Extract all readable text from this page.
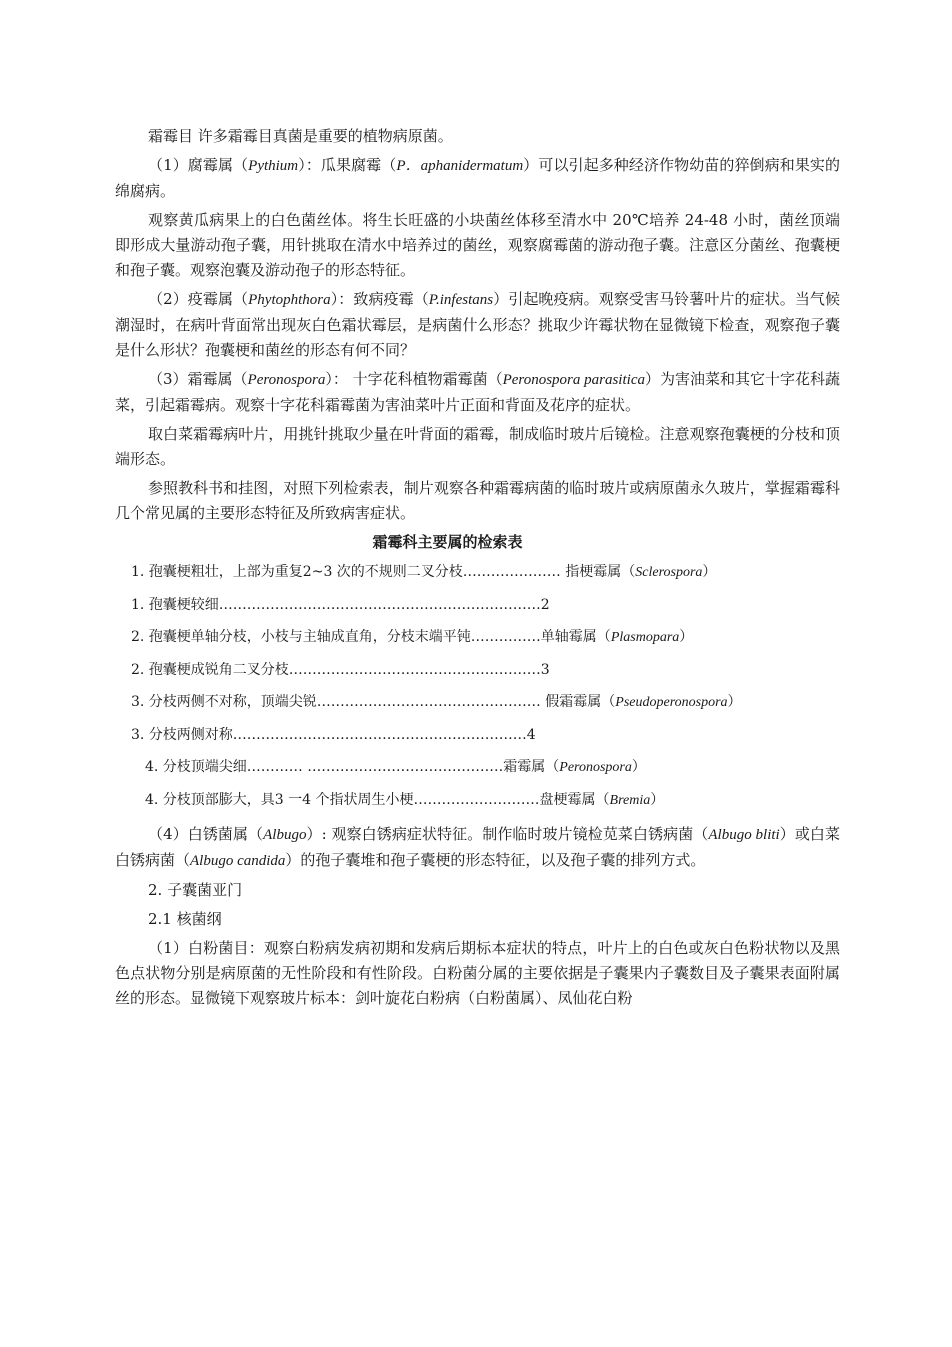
霜霉目 许多霜霉目真菌是重要的植物病原菌。

（1）腐霉属（Pythium）：瓜果腐霉（P．aphanidermatum）可以引起多种经济作物幼苗的猝倒病和果实的绵腐病。

观察黄瓜病果上的白色菌丝体。将生长旺盛的小块菌丝体移至清水中 20℃培养 24-48 小时，菌丝顶端即形成大量游动孢子囊，用针挑取在清水中培养过的菌丝，观察腐霉菌的游动孢子囊。注意区分菌丝、孢囊梗和孢子囊。观察泡囊及游动孢子的形态特征。

（2）疫霉属（Phytophthora）：致病疫霉（P.infestans）引起晚疫病。观察受害马铃薯叶片的症状。当气候潮湿时，在病叶背面常出现灰白色霜状霉层，是病菌什么形态？挑取少许霉状物在显微镜下检查，观察孢子囊是什么形状？孢囊梗和菌丝的形态有何不同？

（3）霜霉属（Peronospora）： 十字花科植物霜霉菌（Peronospora parasitica）为害油菜和其它十字花科蔬菜，引起霜霉病。观察十字花科霜霉菌为害油菜叶片正面和背面及花序的症状。

取白菜霜霉病叶片，用挑针挑取少量在叶背面的霜霉，制成临时玻片后镜检。注意观察孢囊梗的分枝和顶端形态。

参照教科书和挂图，对照下列检索表，制片观察各种霜霉病菌的临时玻片或病原菌永久玻片，掌握霜霉科几个常见属的主要形态特征及所致病害症状。

霜霉科主要属的检索表
1. 孢囊梗粗壮，上部为重复2~3 次的不规则二叉分枝………………… 指梗霉属（Sclerospora）
1. 孢囊梗较细……………………………………………………………2
2. 孢囊梗单轴分枝，小枝与主轴成直角，分枝末端平钝……………单轴霉属（Plasmopara）
2. 孢囊梗成锐角二叉分枝………………………………………………3
3. 分枝两侧不对称，顶端尖锐………………………………………… 假霜霉属（Pseudoperonospora）
3. 分枝两侧对称………………………………………………………4
4. 分枝顶端尖细………… ……………………………………霜霉属（Peronospora）
4. 分枝顶部膨大，具3 一4 个指状周生小梗………………………盘梗霉属（Bremia）

（4）白锈菌属（Albugo）: 观察白锈病症状特征。制作临时玻片镜检苋菜白锈病菌（Albugo bliti）或白菜白锈病菌（Albugo candida）的孢子囊堆和孢子囊梗的形态特征，以及孢子囊的排列方式。

2. 子囊菌亚门

2.1 核菌纲

（1）白粉菌目：观察白粉病发病初期和发病后期标本症状的特点，叶片上的白色或灰白色粉状物以及黑色点状物分别是病原菌的无性阶段和有性阶段。白粉菌分属的主要依据是子囊果内子囊数目及子囊果表面附属丝的形态。显微镜下观察玻片标本：剑叶旋花白粉病（白粉菌属）、凤仙花白粉
